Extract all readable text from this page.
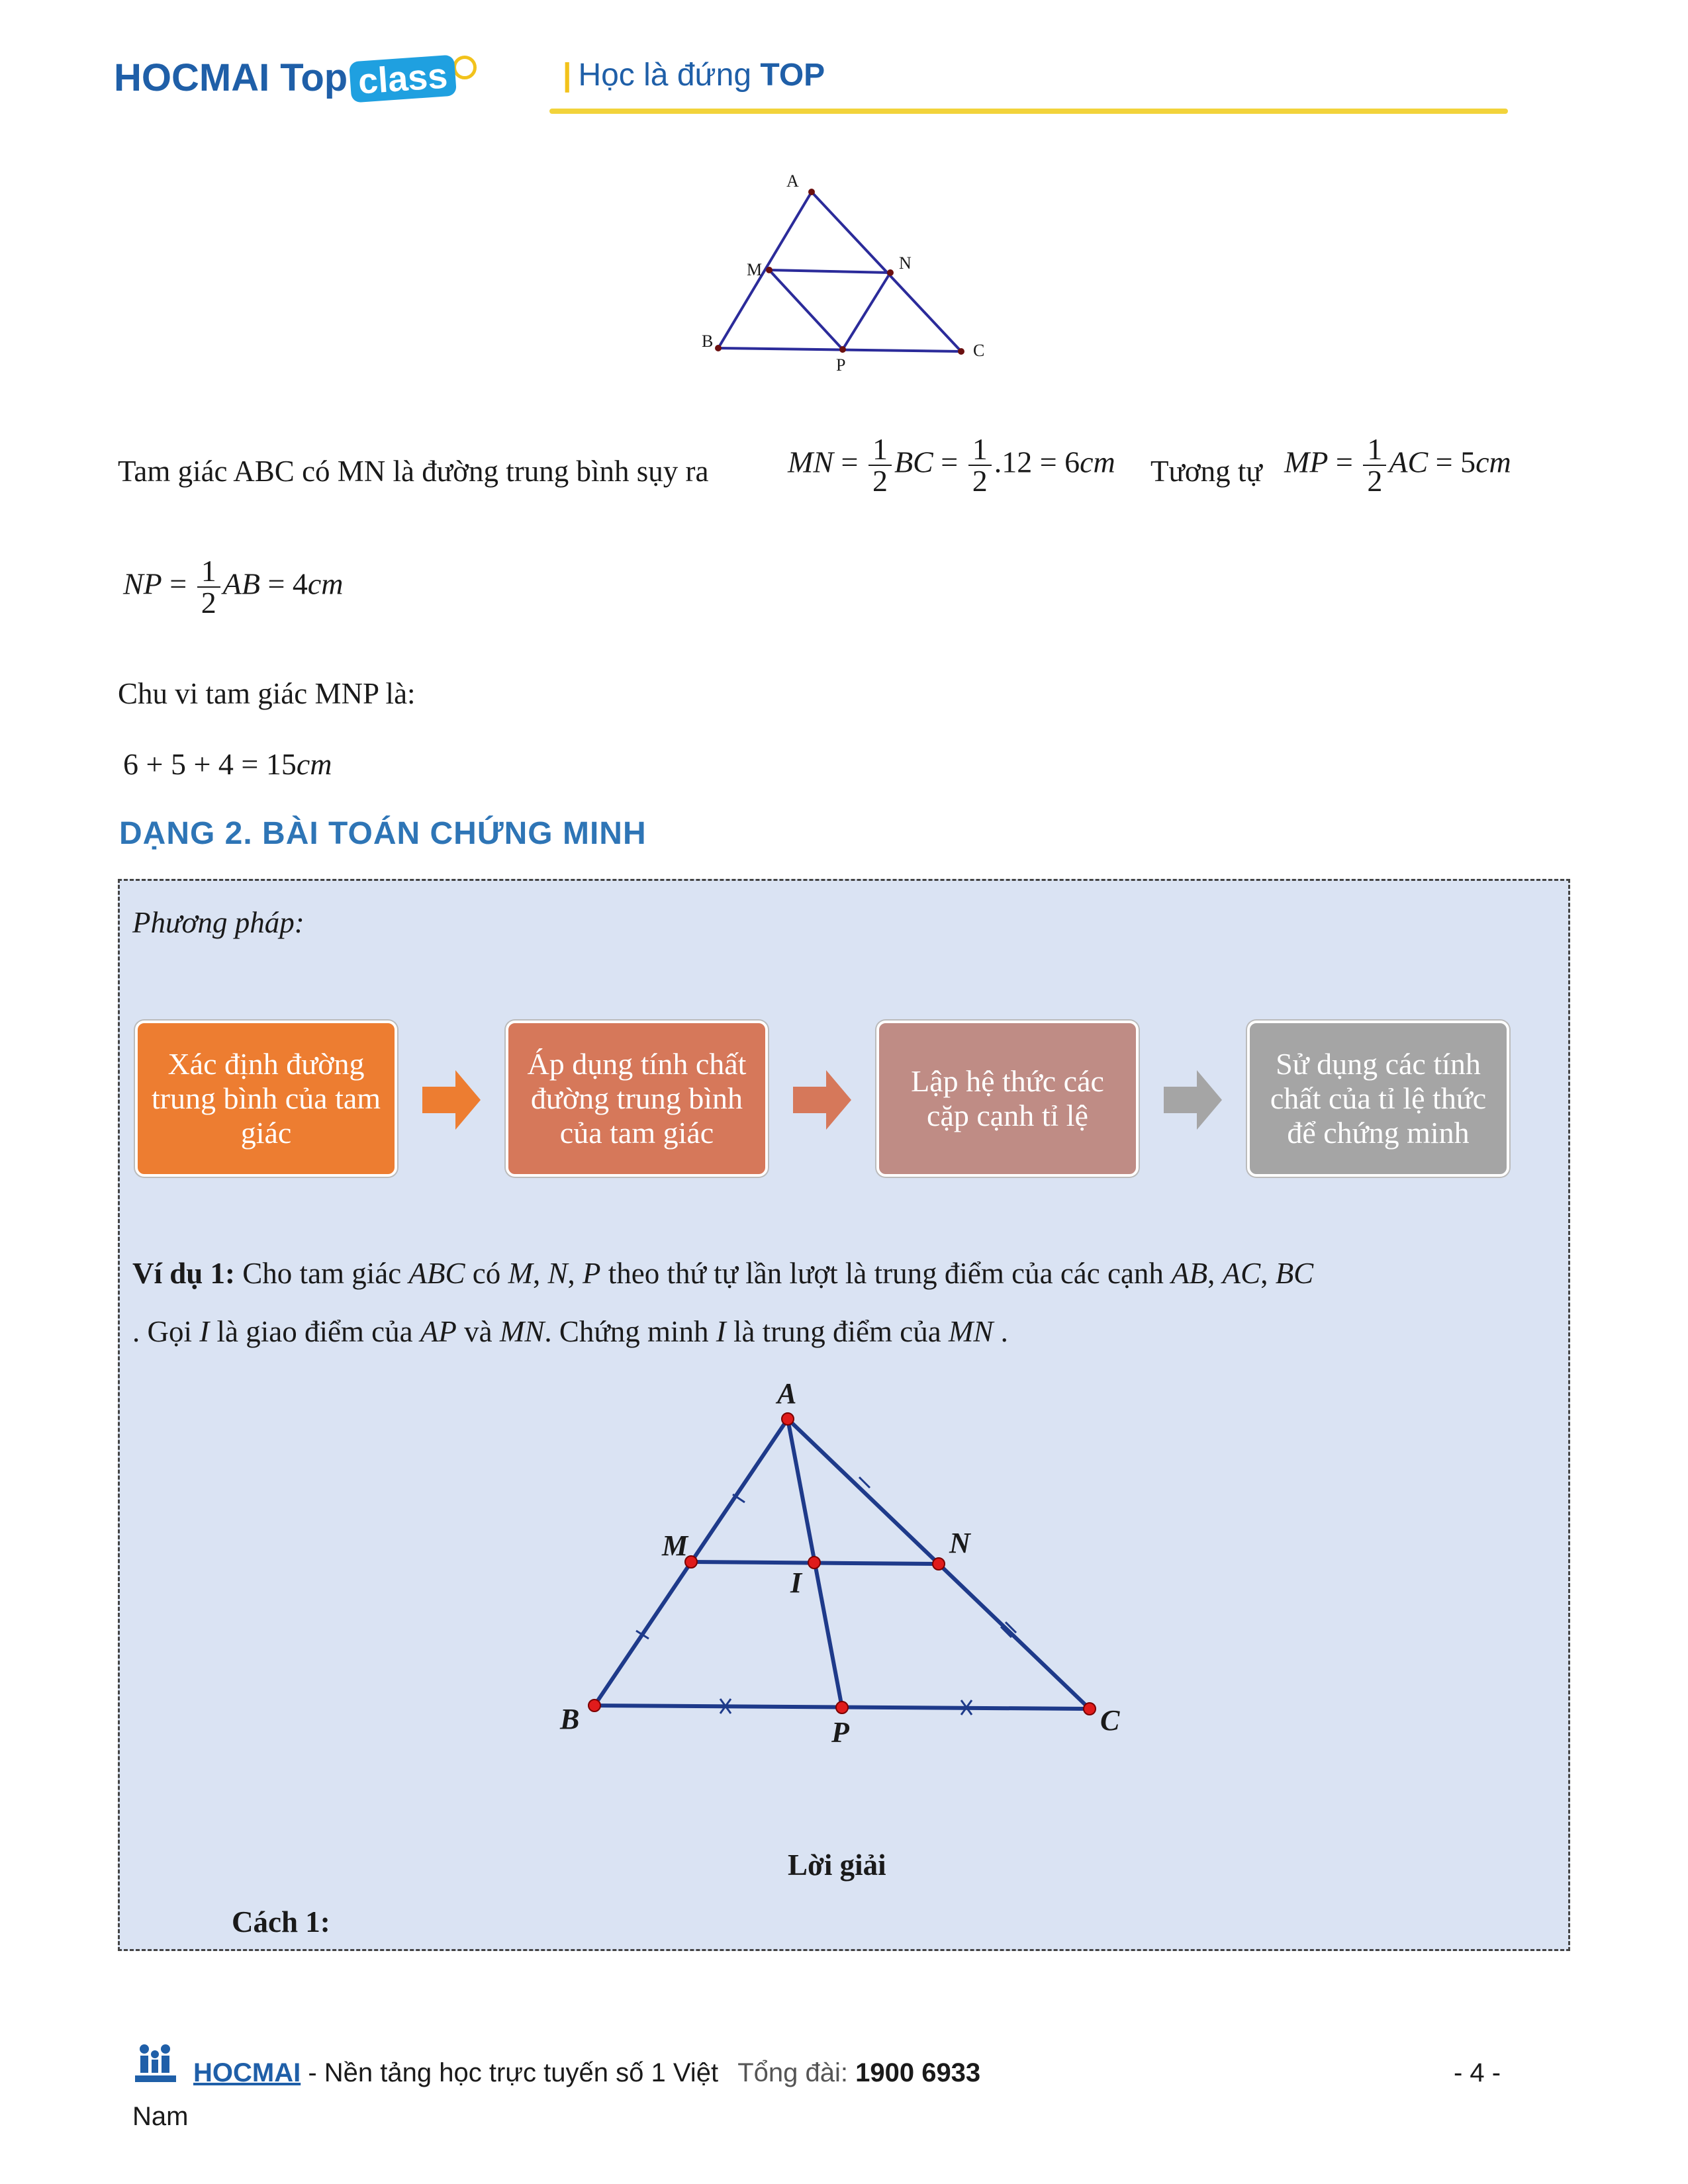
HOCMAI Top class	| Học là đứng TOP
A
B	C
M	N
P
Tam giác ABC có MN là đường trung bình sụy ra	MN = $\frac{1}{2}$ BC = $\frac{1}{2} .12 = 6cm$ Tương tự MP = $\frac{1}{2}$ AC = 5cm
NP = $\frac{1}{2}$ AB = 4cm
Chu vi tam giác MNP là:
6 + 5 + 4 = 15cm
DẠNG 2. BÀI TOÁN CHỨNG MINH
Phương pháp:
Xác định đường trung bình của tam giác
Áp dụng tính chất đường trung bình của tam giác
Lập hệ thức các cặp cạnh tỉ lệ
Sử dụng các tính chất của tỉ lệ thức để chứng minh
Ví dụ 1: Cho tam giác ABC có M, N, P theo thứ tự lần lượt là trung điểm của các cạnh AB, AC, BC
. Gọi I là giao điểm của AP và MN. Chứng minh I là trung điểm của MN .
A
B	C
M	N
P
I
Lời giải
Cách 1:
HOCMAI - Nền tảng học trực tuyến số 1 Việt Tổng đài: 1900 6933	- 4 -
Nam
